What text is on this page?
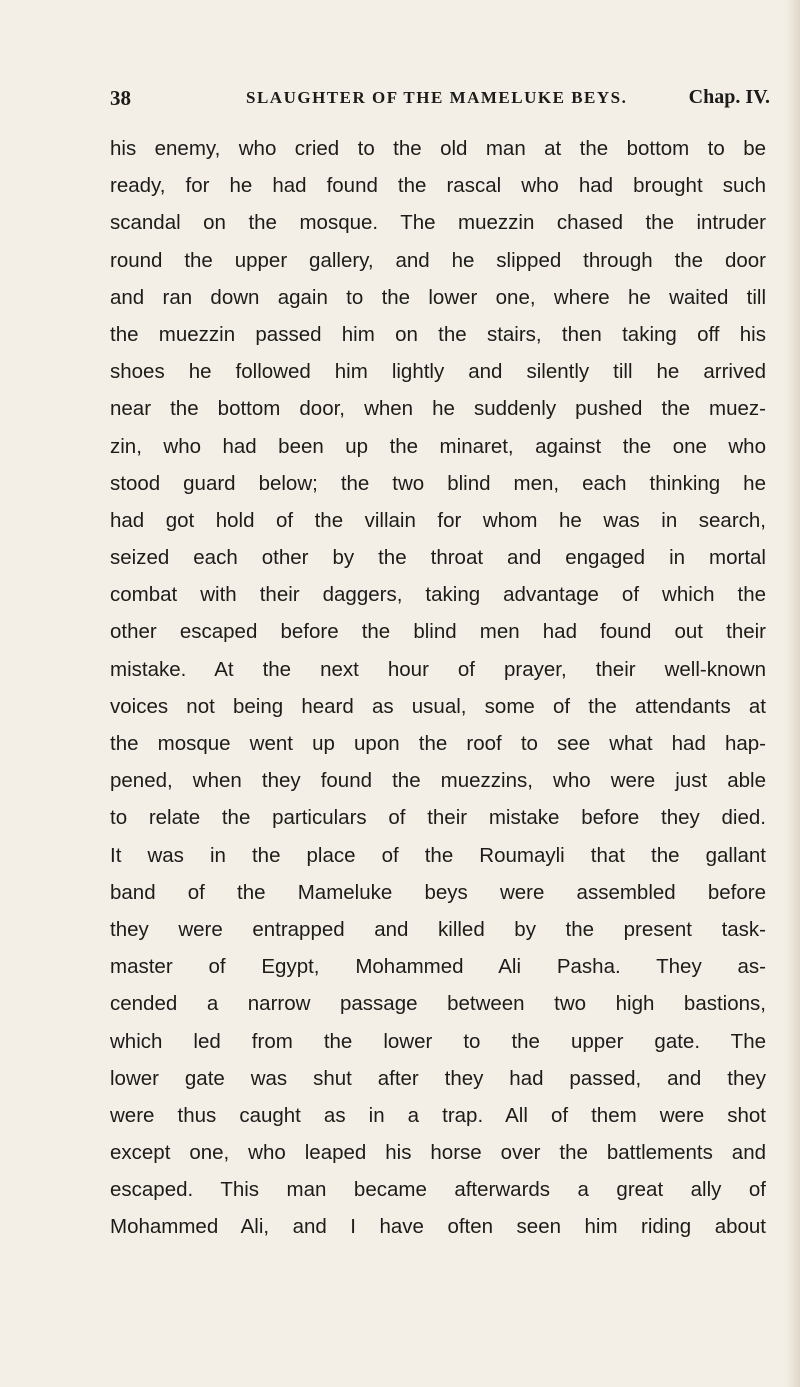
38	SLAUGHTER OF THE MAMELUKE BEYS.	Chap. IV.
his enemy, who cried to the old man at the bottom to be
ready, for he had found the rascal who had brought such
scandal on the mosque. The muezzin chased the intruder
round the upper gallery, and he slipped through the door
and ran down again to the lower one, where he waited till
the muezzin passed him on the stairs, then taking off his
shoes he followed him lightly and silently till he arrived
near the bottom door, when he suddenly pushed the muez-
zin, who had been up the minaret, against the one who
stood guard below; the two blind men, each thinking he
had got hold of the villain for whom he was in search,
seized each other by the throat and engaged in mortal
combat with their daggers, taking advantage of which the
other escaped before the blind men had found out their
mistake. At the next hour of prayer, their well-known
voices not being heard as usual, some of the attendants at
the mosque went up upon the roof to see what had hap-
pened, when they found the muezzins, who were just able
to relate the particulars of their mistake before they died.
It was in the place of the Roumayli that the gallant
band of the Mameluke beys were assembled before
they were entrapped and killed by the present task-
master of Egypt, Mohammed Ali Pasha. They as-
cended a narrow passage between two high bastions,
which led from the lower to the upper gate. The
lower gate was shut after they had passed, and they
were thus caught as in a trap. All of them were shot
except one, who leaped his horse over the battlements and
escaped. This man became afterwards a great ally of
Mohammed Ali, and I have often seen him riding about
